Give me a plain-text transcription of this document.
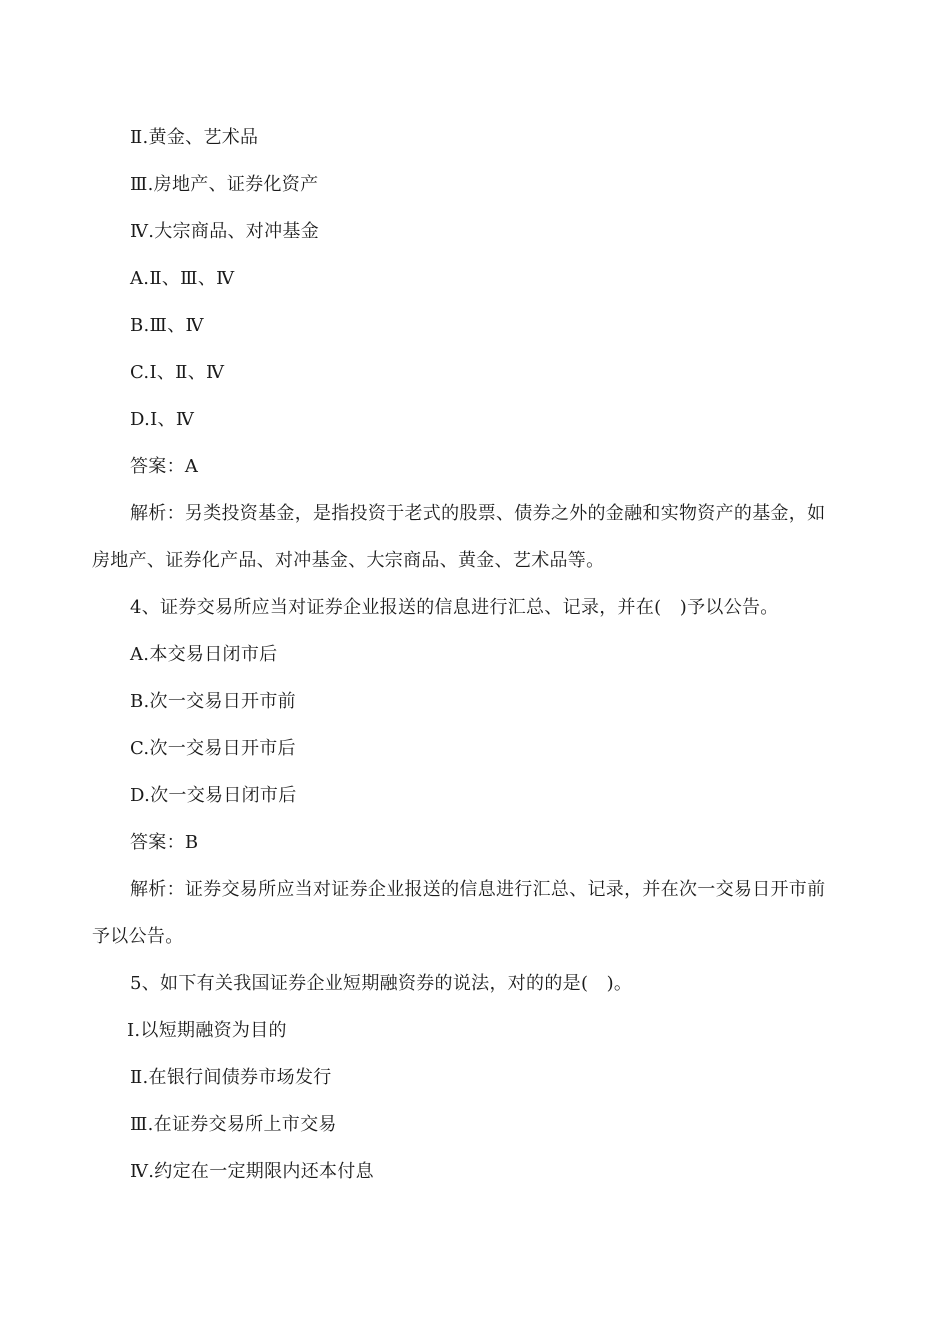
Ⅱ.黄金、艺术品
Ⅲ.房地产、证券化资产
Ⅳ.大宗商品、对冲基金
A.Ⅱ、Ⅲ、Ⅳ
B.Ⅲ、Ⅳ
C.Ⅰ、Ⅱ、Ⅳ
D.Ⅰ、Ⅳ
答案：A
解析：另类投资基金，是指投资于老式的股票、债券之外的金融和实物资产的基金，如
房地产、证券化产品、对冲基金、大宗商品、黄金、艺术品等。
4、证券交易所应当对证券企业报送的信息进行汇总、记录，并在(　)予以公告。
A.本交易日闭市后
B.次一交易日开市前
C.次一交易日开市后
D.次一交易日闭市后
答案：B
解析：证券交易所应当对证券企业报送的信息进行汇总、记录，并在次一交易日开市前
予以公告。
5、如下有关我国证券企业短期融资券的说法，对的的是(　)。
Ⅰ.以短期融资为目的
Ⅱ.在银行间债券市场发行
Ⅲ.在证券交易所上市交易
Ⅳ.约定在一定期限内还本付息
